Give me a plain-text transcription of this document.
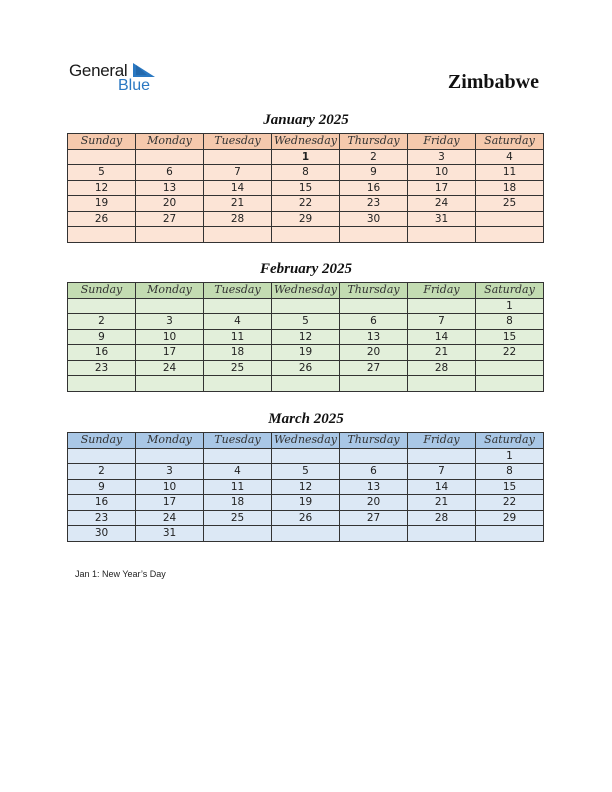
General
Blue	Zimbabwe
January 2025
Sunday	Monday	Tuesday	Wednesday	Thursday	Friday	Saturday
			1	2	3	4
5	6	7	8	9	10	11
12	13	14	15	16	17	18
19	20	21	22	23	24	25
26	27	28	29	30	31	

February 2025
Sunday	Monday	Tuesday	Wednesday	Thursday	Friday	Saturday
						1
2	3	4	5	6	7	8
9	10	11	12	13	14	15
16	17	18	19	20	21	22
23	24	25	26	27	28	

March 2025
Sunday	Monday	Tuesday	Wednesday	Thursday	Friday	Saturday
						1
2	3	4	5	6	7	8
9	10	11	12	13	14	15
16	17	18	19	20	21	22
23	24	25	26	27	28	29
30	31					
Jan 1: New Year’s Day
